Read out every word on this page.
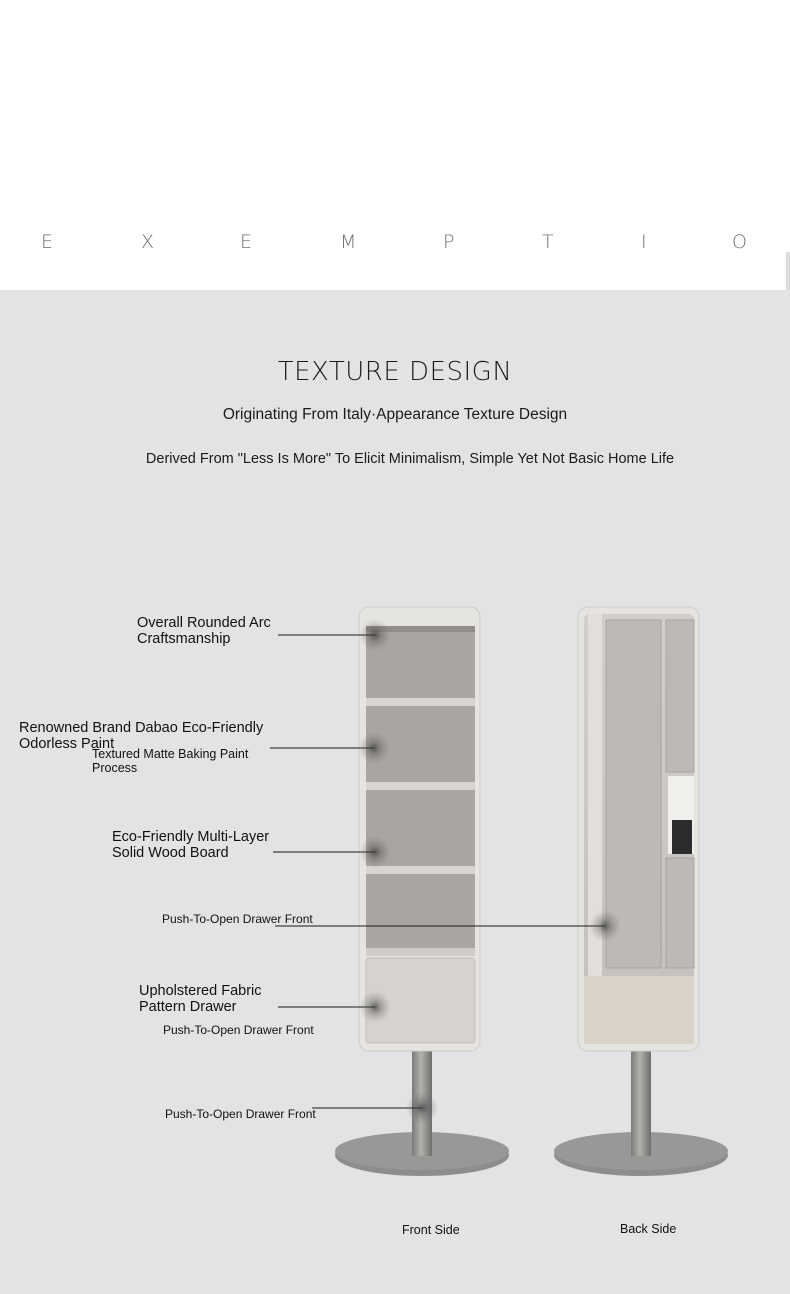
E	X	E	M	P	T	I	O
TEXTURE DESIGN
Originating From Italy·Appearance Texture Design
Derived From "Less Is More" To Elicit Minimalism, Simple Yet Not Basic Home Life
Overall Rounded Arc
Craftsmanship
Renowned Brand Dabao Eco-Friendly
Odorless Paint
Textured Matte Baking Paint
Process
Eco-Friendly Multi-Layer
Solid Wood Board
Push-To-Open Drawer Front
Upholstered Fabric
Pattern Drawer
Push-To-Open Drawer Front
Push-To-Open Drawer Front
Front Side	Back Side
